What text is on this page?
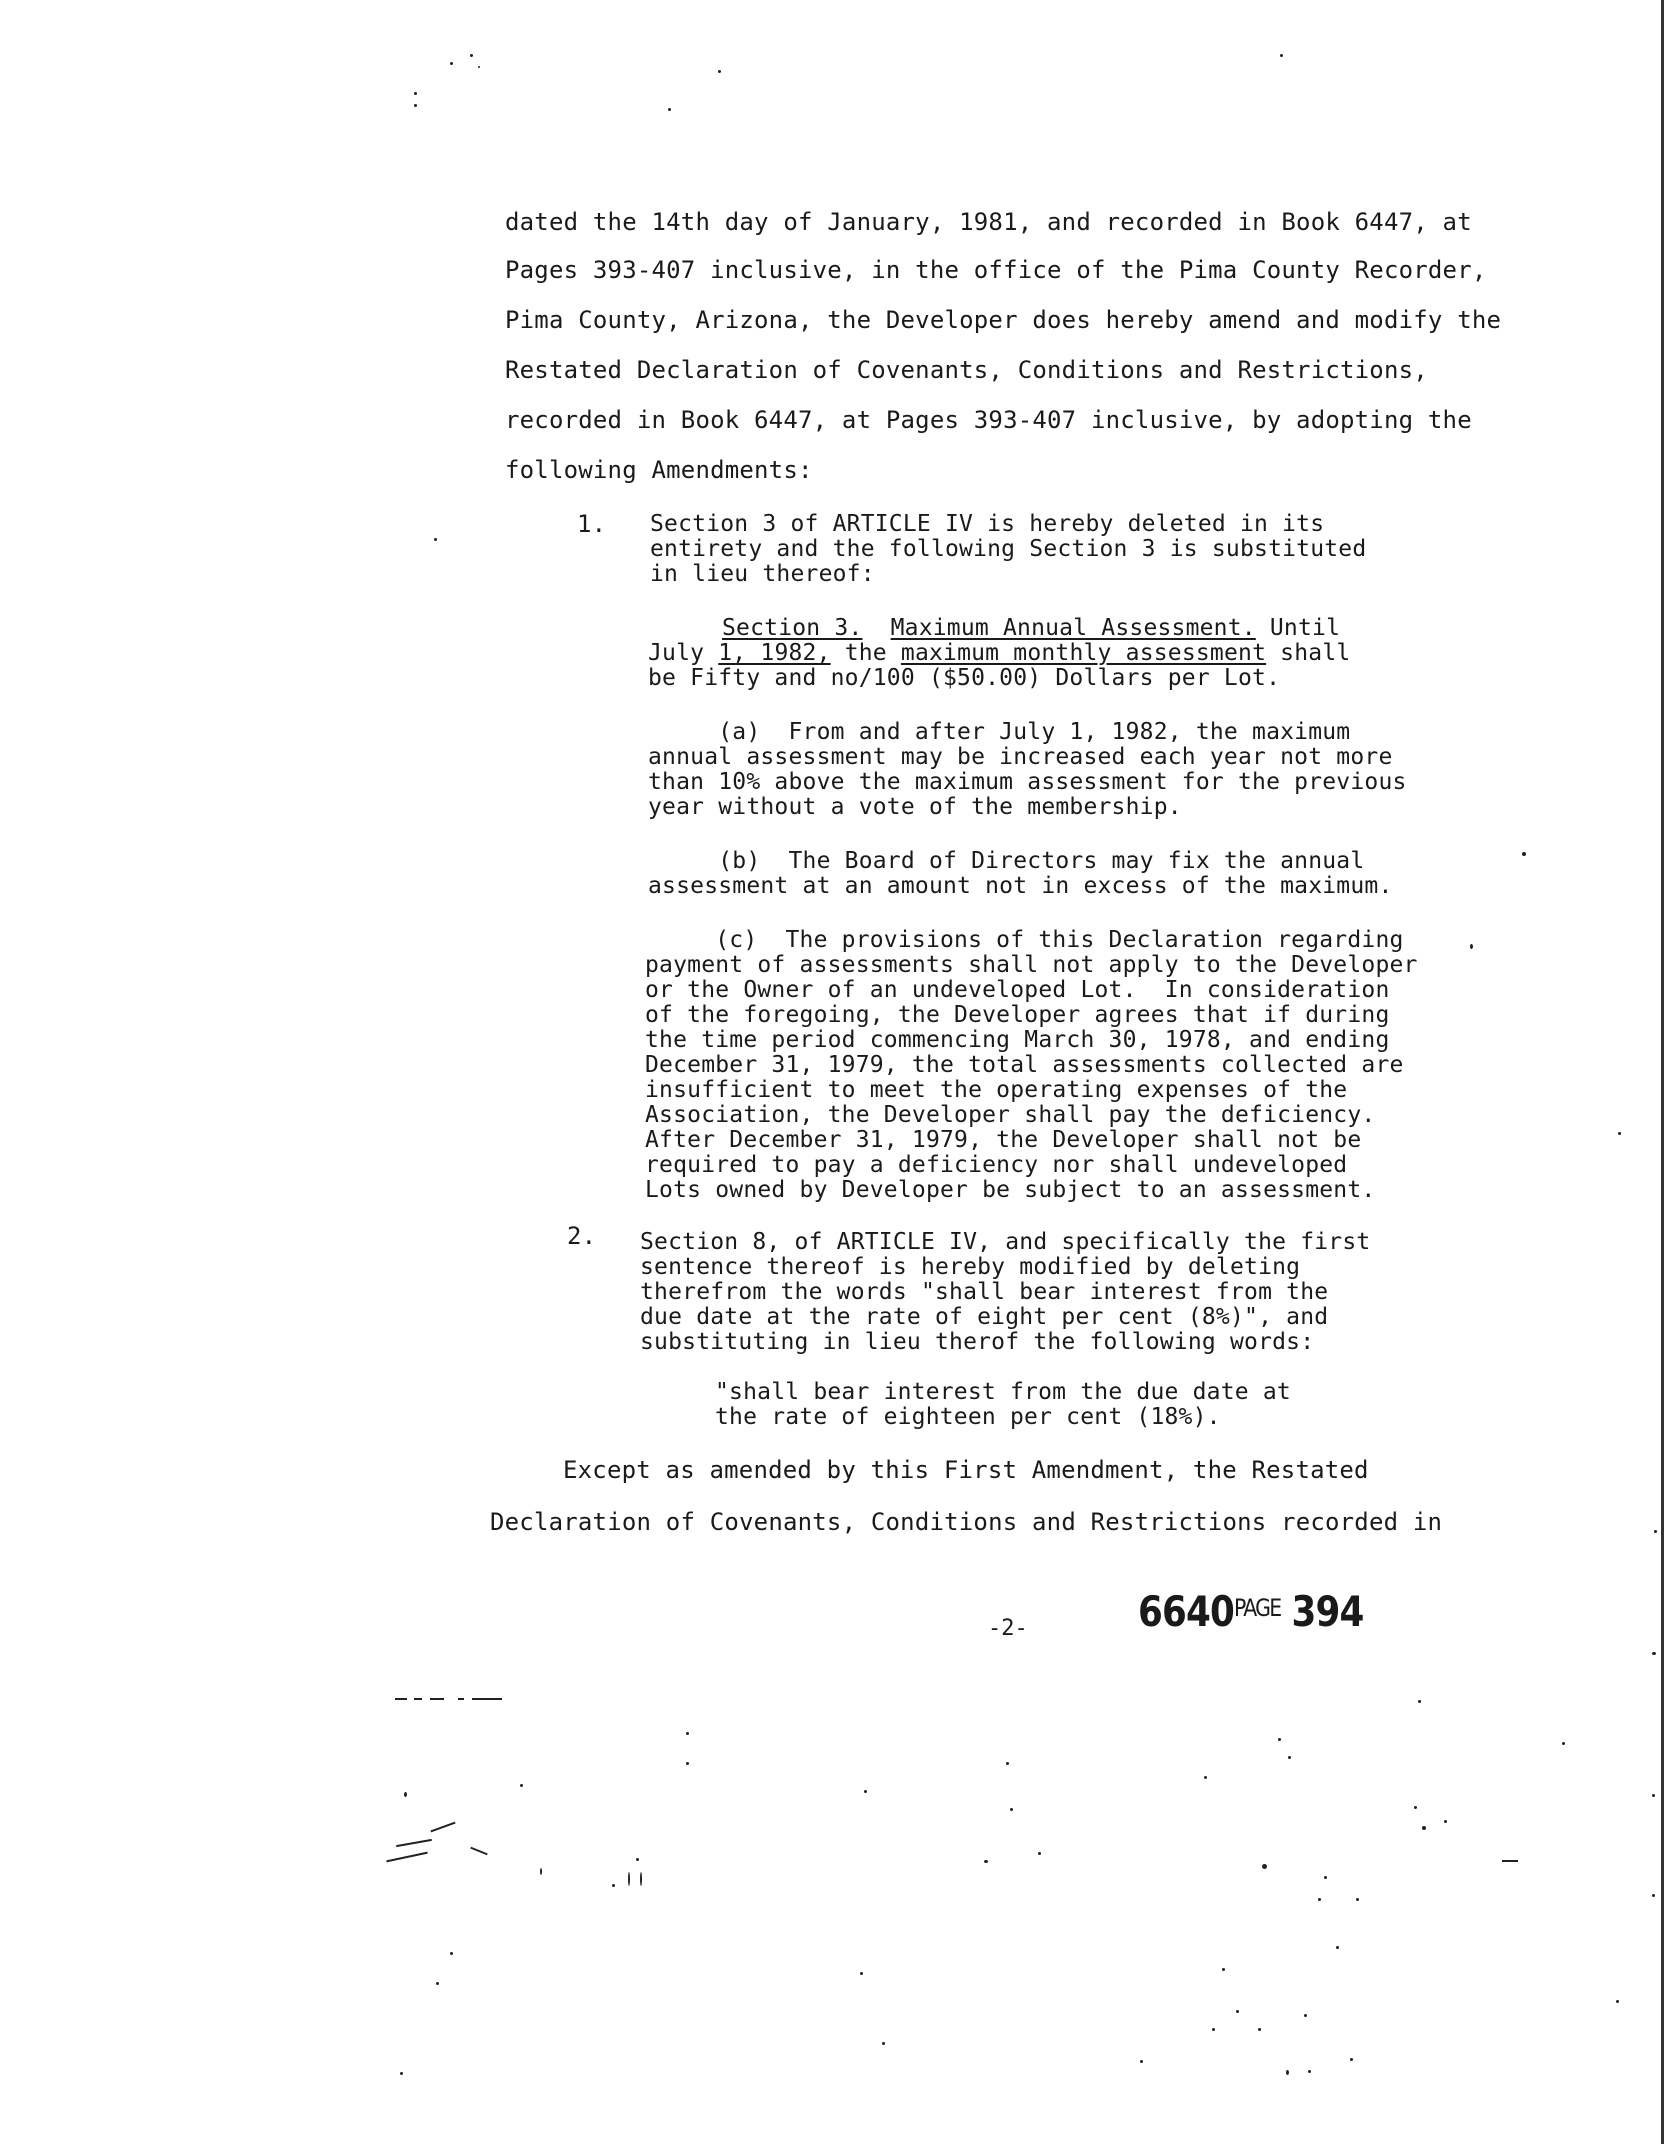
dated the 14th day of January, 1981, and recorded in Book 6447, at
Pages 393-407 inclusive, in the office of the Pima County Recorder,
Pima County, Arizona, the Developer does hereby amend and modify the
Restated Declaration of Covenants, Conditions and Restrictions,
recorded in Book 6447, at Pages 393-407 inclusive, by adopting the
following Amendments:
1. Section 3 of ARTICLE IV is hereby deleted in its
entirety and the following Section 3 is substituted
in lieu thereof:
Section 3. Maximum Annual Assessment. Until
July 1, 1982, the maximum monthly assessment shall
be Fifty and no/100 ($50.00) Dollars per Lot.
(a)  From and after July 1, 1982, the maximum
annual assessment may be increased each year not more
than 10% above the maximum assessment for the previous
year without a vote of the membership.
(b)  The Board of Directors may fix the annual
assessment at an amount not in excess of the maximum.
(c)  The provisions of this Declaration regarding
payment of assessments shall not apply to the Developer
or the Owner of an undeveloped Lot.  In consideration
of the foregoing, the Developer agrees that if during
the time period commencing March 30, 1978, and ending
December 31, 1979, the total assessments collected are
insufficient to meet the operating expenses of the
Association, the Developer shall pay the deficiency.
After December 31, 1979, the Developer shall not be
required to pay a deficiency nor shall undeveloped
Lots owned by Developer be subject to an assessment.
2. Section 8, of ARTICLE IV, and specifically the first
sentence thereof is hereby modified by deleting
therefrom the words "shall bear interest from the
due date at the rate of eight per cent (8%)", and
substituting in lieu therof the following words:
"shall bear interest from the due date at
the rate of eighteen per cent (18%).
Except as amended by this First Amendment, the Restated
Declaration of Covenants, Conditions and Restrictions recorded in
-2-	$6640^{PAGE}$ 394
